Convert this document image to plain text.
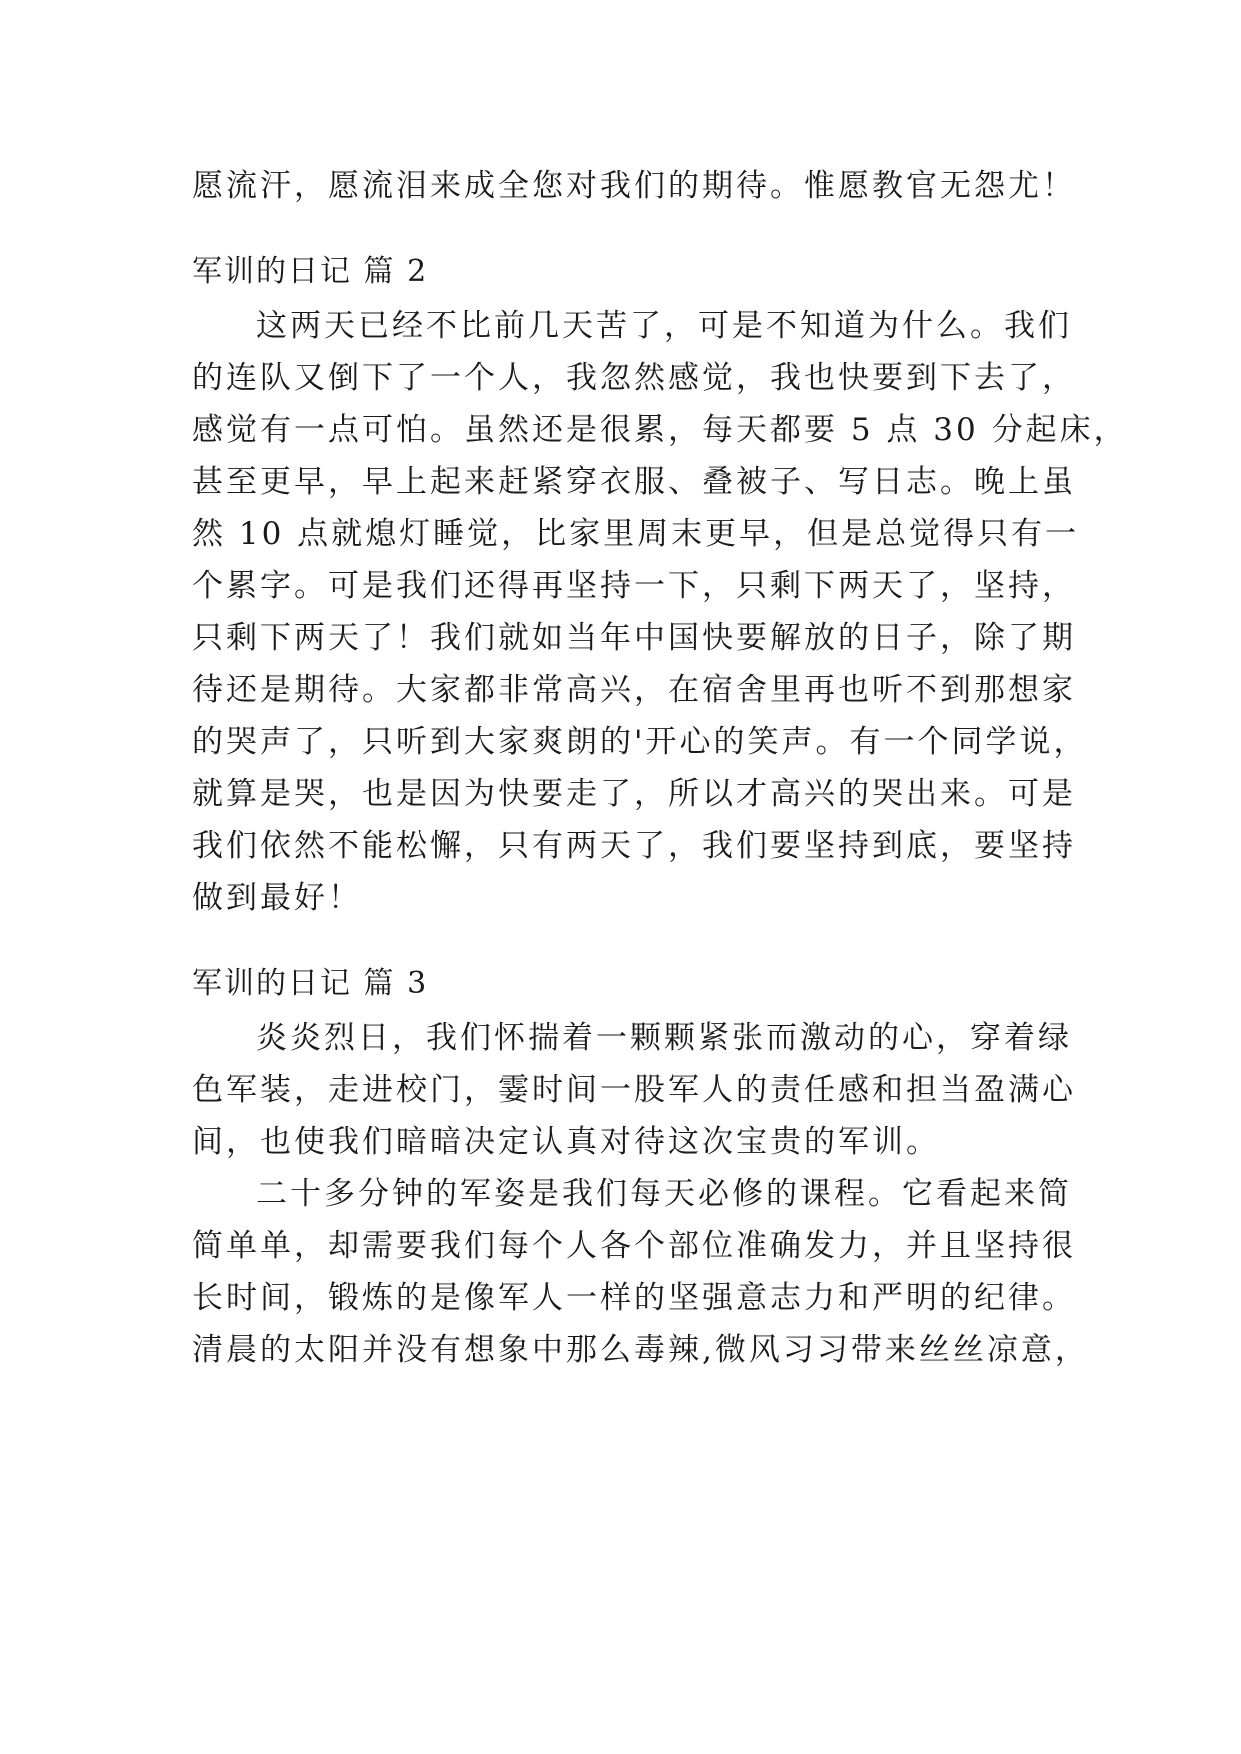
愿流汗，愿流泪来成全您对我们的期待。惟愿教官无怨尤！
军训的日记 篇 2
这两天已经不比前几天苦了，可是不知道为什么。我们
的连队又倒下了一个人，我忽然感觉，我也快要到下去了，
感觉有一点可怕。虽然还是很累，每天都要 5 点 30 分起床，
甚至更早，早上起来赶紧穿衣服、叠被子、写日志。晚上虽
然 10 点就熄灯睡觉，比家里周末更早，但是总觉得只有一
个累字。可是我们还得再坚持一下，只剩下两天了，坚持，
只剩下两天了！我们就如当年中国快要解放的日子，除了期
待还是期待。大家都非常高兴，在宿舍里再也听不到那想家
的哭声了，只听到大家爽朗的'开心的笑声。有一个同学说，
就算是哭，也是因为快要走了，所以才高兴的哭出来。可是
我们依然不能松懈，只有两天了，我们要坚持到底，要坚持
做到最好！
军训的日记 篇 3
炎炎烈日，我们怀揣着一颗颗紧张而激动的心，穿着绿
色军装，走进校门，霎时间一股军人的责任感和担当盈满心
间，也使我们暗暗决定认真对待这次宝贵的军训。
二十多分钟的军姿是我们每天必修的课程。它看起来简
简单单，却需要我们每个人各个部位准确发力，并且坚持很
长时间，锻炼的是像军人一样的坚强意志力和严明的纪律。
清晨的太阳并没有想象中那么毒辣,微风习习带来丝丝凉意，
